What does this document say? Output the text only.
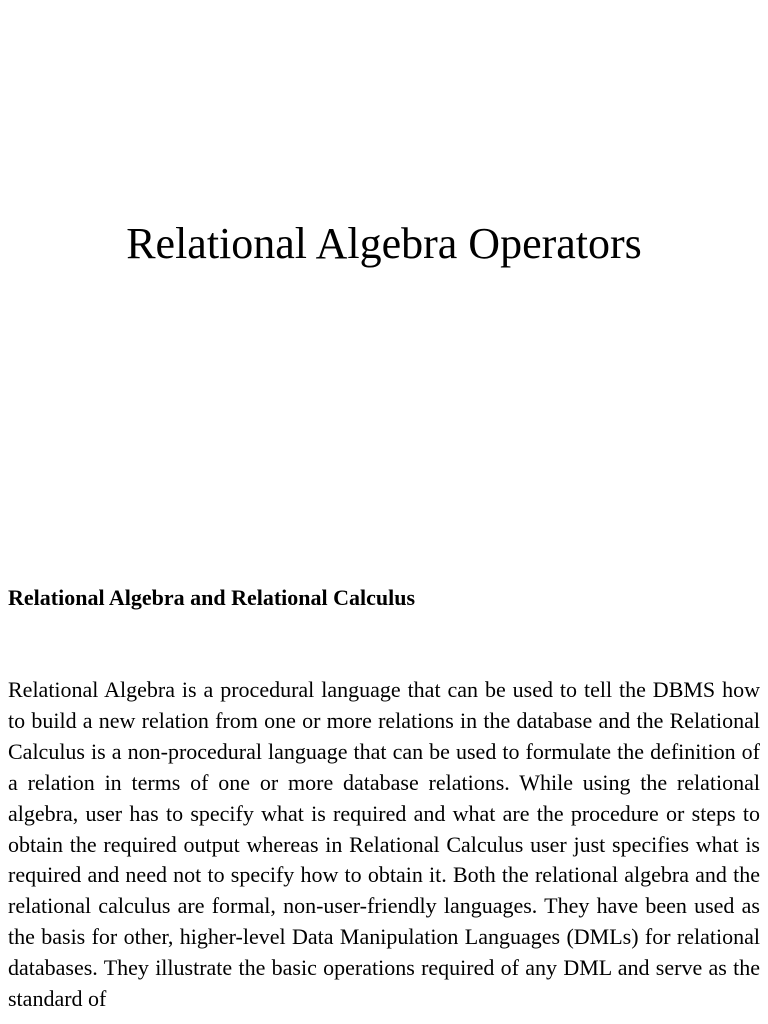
Relational Algebra Operators
Relational Algebra and Relational Calculus

Relational Algebra is a procedural language that can be used to tell the DBMS how to build a new relation from one or more relations in the database and the Relational Calculus is a non-procedural language that can be used to formulate the definition of a relation in terms of one or more database relations. While using the relational algebra, user has to specify what is required and what are the procedure or steps to obtain the required output whereas in Relational Calculus user just specifies what is required and need not to specify how to obtain it. Both the relational algebra and the relational calculus are formal, non-user-friendly languages. They have been used as the basis for other, higher-level Data Manipulation Languages (DMLs) for relational databases. They illustrate the basic operations required of any DML and serve as the standard of
